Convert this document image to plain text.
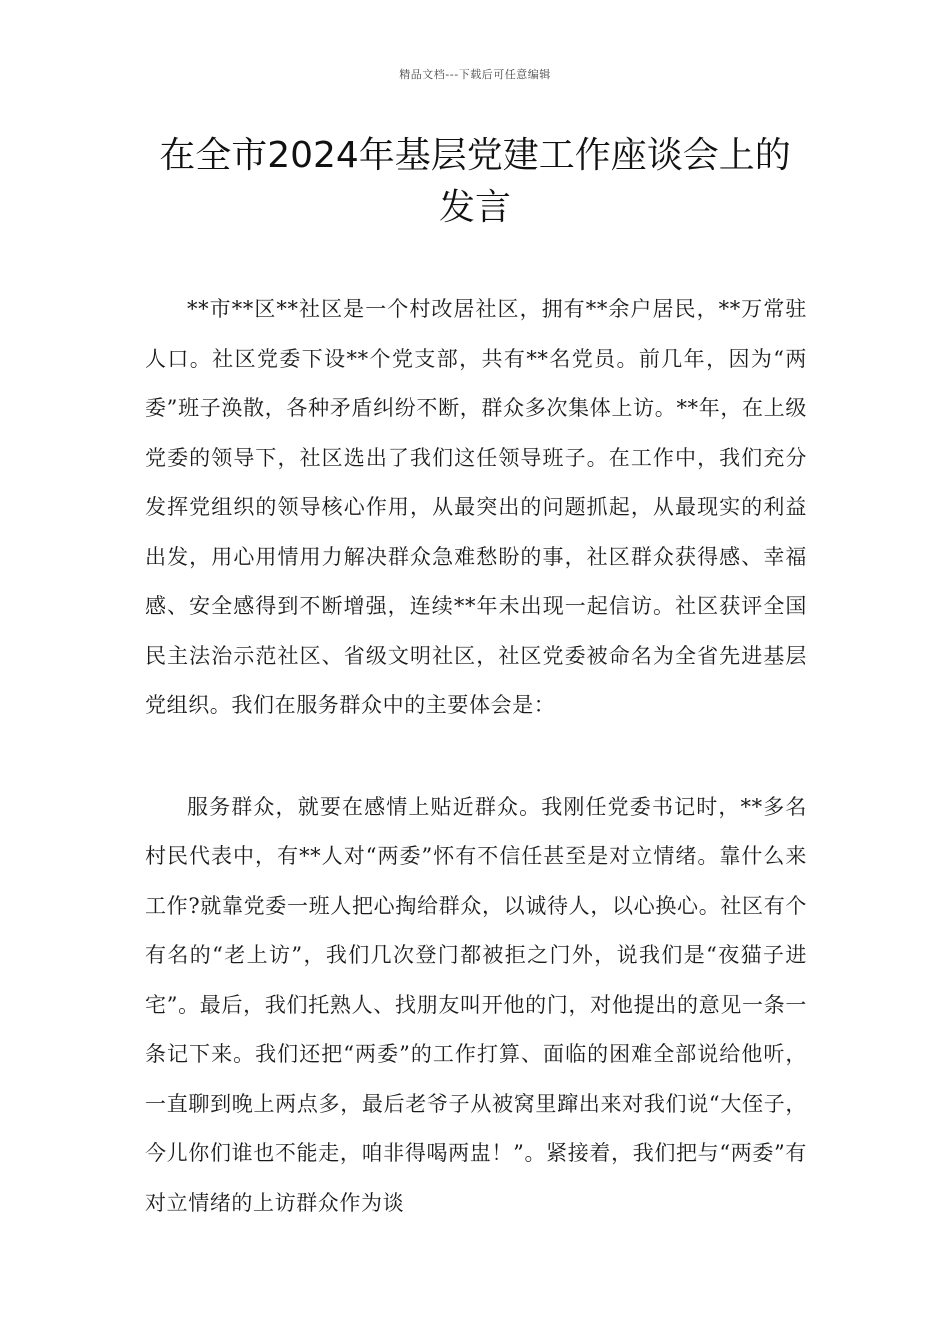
精品文档---下载后可任意编辑
在全市2024年基层党建工作座谈会上的发言

**市**区**社区是一个村改居社区，拥有**余户居民，**万常驻人口。社区党委下设**个党支部，共有**名党员。前几年，因为“两委”班子涣散，各种矛盾纠纷不断，群众多次集体上访。**年，在上级党委的领导下，社区选出了我们这任领导班子。在工作中，我们充分发挥党组织的领导核心作用，从最突出的问题抓起，从最现实的利益出发，用心用情用力解决群众急难愁盼的事，社区群众获得感、幸福感、安全感得到不断增强，连续**年未出现一起信访。社区获评全国民主法治示范社区、省级文明社区，社区党委被命名为全省先进基层党组织。我们在服务群众中的主要体会是：

服务群众，就要在感情上贴近群众。我刚任党委书记时，**多名村民代表中，有**人对“两委”怀有不信任甚至是对立情绪。靠什么来工作?就靠党委一班人把心掏给群众，以诚待人，以心换心。社区有个有名的“老上访”，我们几次登门都被拒之门外，说我们是“夜猫子进宅”。最后，我们托熟人、找朋友叫开他的门，对他提出的意见一条一条记下来。我们还把“两委”的工作打算、面临的困难全部说给他听，一直聊到晚上两点多，最后老爷子从被窝里蹿出来对我们说“大侄子，今儿你们谁也不能走，咱非得喝两盅！”。紧接着，我们把与“两委”有对立情绪的上访群众作为谈
